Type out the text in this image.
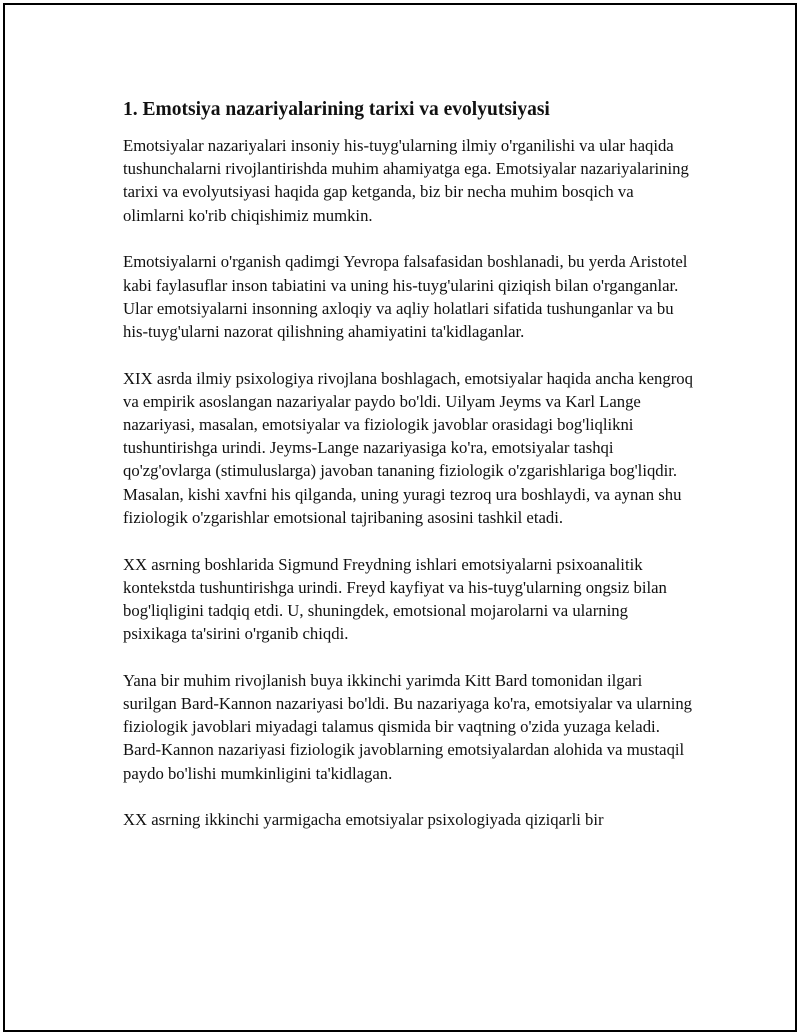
1. Emotsiya nazariyalarining tarixi va evolyutsiyasi

Emotsiyalar nazariyalari insoniy his-tuyg'ularning ilmiy o'rganilishi va ular haqida tushunchalarni rivojlantirishda muhim ahamiyatga ega. Emotsiyalar nazariyalarining tarixi va evolyutsiyasi haqida gap ketganda, biz bir necha muhim bosqich va olimlarni ko'rib chiqishimiz mumkin.

Emotsiyalarni o'rganish qadimgi Yevropa falsafasidan boshlanadi, bu yerda Aristotel kabi faylasuflar inson tabiatini va uning his-tuyg'ularini qiziqish bilan o'rganganlar. Ular emotsiyalarni insonning axloqiy va aqliy holatlari sifatida tushunganlar va bu his-tuyg'ularni nazorat qilishning ahamiyatini ta'kidlaganlar.

XIX asrda ilmiy psixologiya rivojlana boshlagach, emotsiyalar haqida ancha kengroq va empirik asoslangan nazariyalar paydo bo'ldi. Uilyam Jeyms va Karl Lange nazariyasi, masalan, emotsiyalar va fiziologik javoblar orasidagi bog'liqlikni tushuntirishga urindi. Jeyms-Lange nazariyasiga ko'ra, emotsiyalar tashqi qo'zg'ovlarga (stimuluslarga) javoban tananing fiziologik o'zgarishlariga bog'liqdir. Masalan, kishi xavfni his qilganda, uning yuragi tezroq ura boshlaydi, va aynan shu fiziologik o'zgarishlar emotsional tajribaning asosini tashkil etadi.

XX asrning boshlarida Sigmund Freydning ishlari emotsiyalarni psixoanalitik kontekstda tushuntirishga urindi. Freyd kayfiyat va his-tuyg'ularning ongsiz bilan bog'liqligini tadqiq etdi. U, shuningdek, emotsional mojarolarni va ularning psixikaga ta'sirini o'rganib chiqdi.

Yana bir muhim rivojlanish buya ikkinchi yarimda Kitt Bard tomonidan ilgari surilgan Bard-Kannon nazariyasi bo'ldi. Bu nazariyaga ko'ra, emotsiyalar va ularning fiziologik javoblari miyadagi talamus qismida bir vaqtning o'zida yuzaga keladi. Bard-Kannon nazariyasi fiziologik javoblarning emotsiyalardan alohida va mustaqil paydo bo'lishi mumkinligini ta'kidlagan.

XX asrning ikkinchi yarmigacha emotsiyalar psixologiyada qiziqarli bir
